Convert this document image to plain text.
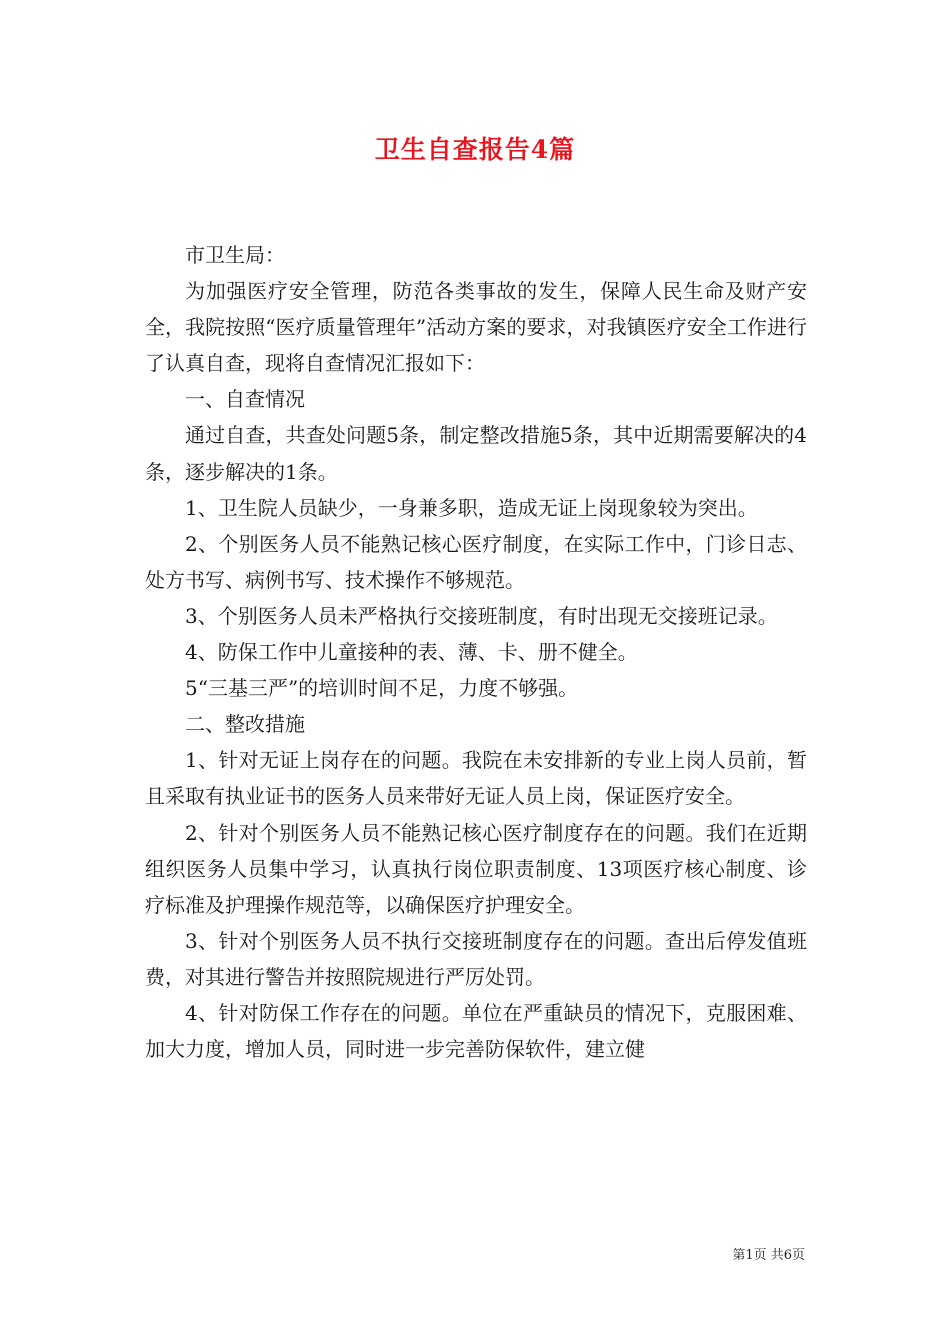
卫生自查报告4篇

市卫生局：

为加强医疗安全管理，防范各类事故的发生，保障人民生命及财产安全，我院按照“医疗质量管理年”活动方案的要求，对我镇医疗安全工作进行了认真自查，现将自查情况汇报如下：

一、自查情况

通过自查，共查处问题5条，制定整改措施5条，其中近期需要解决的4条，逐步解决的1条。

1、卫生院人员缺少，一身兼多职，造成无证上岗现象较为突出。

2、个别医务人员不能熟记核心医疗制度，在实际工作中，门诊日志、处方书写、病例书写、技术操作不够规范。

3、个别医务人员未严格执行交接班制度，有时出现无交接班记录。

4、防保工作中儿童接种的表、薄、卡、册不健全。

5“三基三严”的培训时间不足，力度不够强。

二、整改措施

1、针对无证上岗存在的问题。我院在未安排新的专业上岗人员前，暂且采取有执业证书的医务人员来带好无证人员上岗，保证医疗安全。

2、针对个别医务人员不能熟记核心医疗制度存在的问题。我们在近期组织医务人员集中学习，认真执行岗位职责制度、13项医疗核心制度、诊疗标准及护理操作规范等，以确保医疗护理安全。

3、针对个别医务人员不执行交接班制度存在的问题。查出后停发值班费，对其进行警告并按照院规进行严厉处罚。

4、针对防保工作存在的问题。单位在严重缺员的情况下，克服困难、加大力度，增加人员，同时进一步完善防保软件，建立健

第1页 共6页
